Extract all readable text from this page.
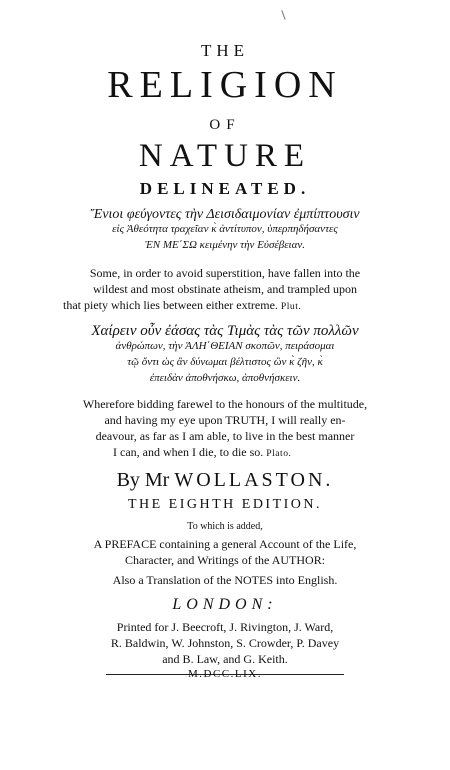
THE
RELIGION
OF
NATURE
DELINEATED.
Ἔνιοι φεύγοντες τὴν Δεισιδαιμονίαν ἐμπίπτουσιν
εἰς Ἀθεότητα τραχεῖαν κ̀ ἀντίτυπον, ὑπερπηδήσαντες
ἘΝ ΜΕ΄ΣΩ κειμένην τὴν Εὐσέβειαν.
Some, in order to avoid superstition, have fallen into the
wildest and most obstinate atheism, and trampled upon
that piety which lies between either extreme. Plut.
Χαίρειν οὖν ἐάσας τὰς Τιμὰς τὰς τῶν πολλῶν
ἀνθρώπων, τὴν ἈΛΗ΄ΘΕΙΑΝ σκοπῶν, πειράσομαι
τῷ ὄντι ὡς ἂν δύνωμαι βέλτιστος ὢν κ̀ ζῆν, κ̀
ἐπειδὰν ἀποθνήσκω, ἀποθνήσκειν.
Wherefore bidding farewel to the honours of the multitude,
and having my eye upon TRUTH, I will really en-
deavour, as far as I am able, to live in the best manner
I can, and when I die, to die so. Plato.
By Mr WOLLASTON.
THE EIGHTH EDITION.
To which is added,
A PREFACE containing a general Account of the Life,
Character, and Writings of the AUTHOR:
Also a Translation of the NOTES into English.
LONDON:
Printed for J. Beecroft, J. Rivington, J. Ward,
R. Baldwin, W. Johnston, S. Crowder, P. Davey
and B. Law, and G. Keith.
M.DCC.LIX.
